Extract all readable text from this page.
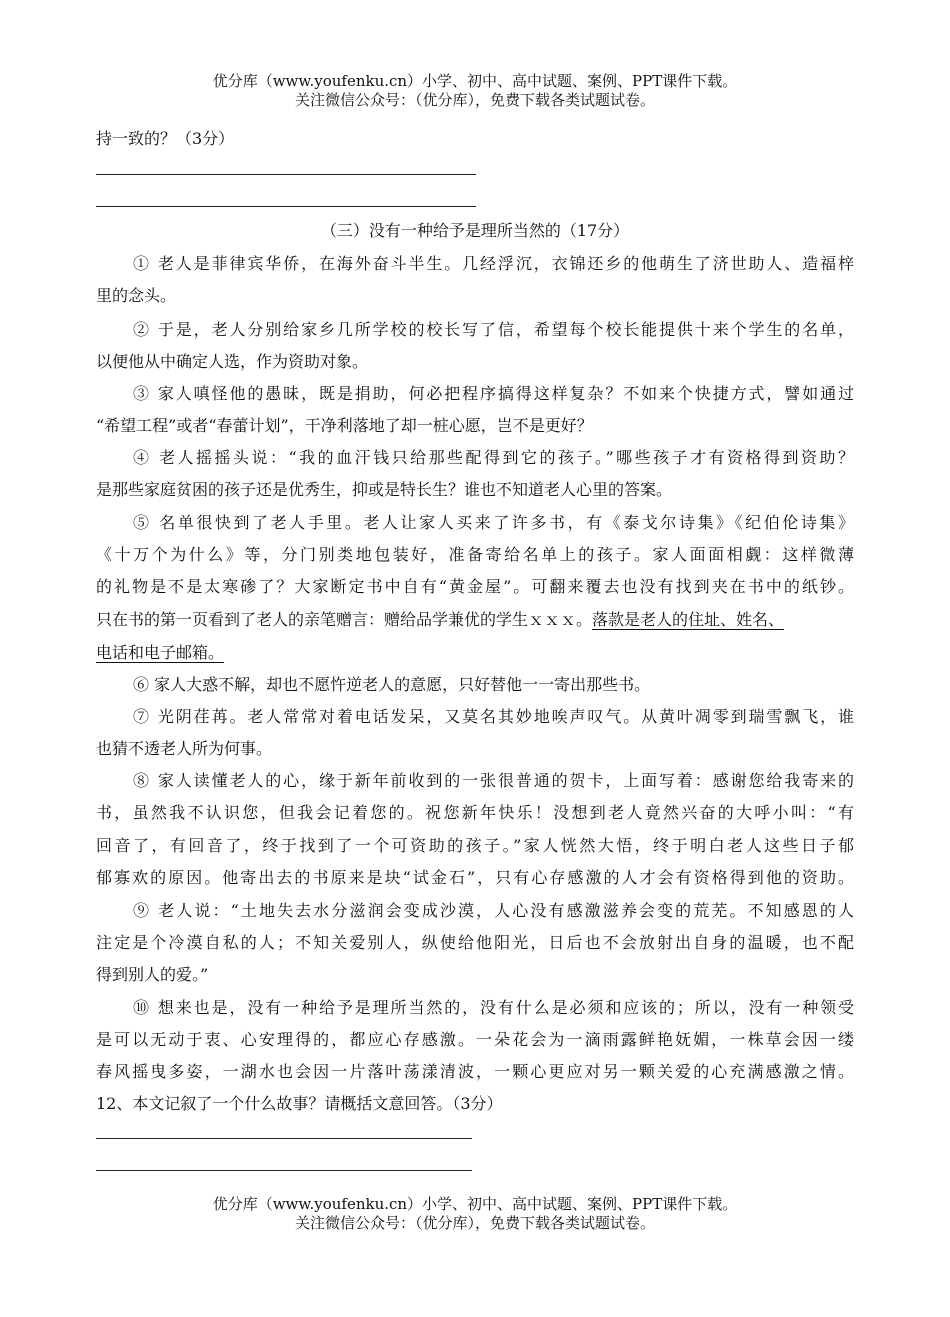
优分库（www.youfenku.cn）小学、初中、高中试题、案例、PPT课件下载。
关注微信公众号：（优分库），免费下载各类试题试卷。
持一致的？（3分）
（三）没有一种给予是理所当然的（17分）
① 老人是菲律宾华侨，在海外奋斗半生。几经浮沉，衣锦还乡的他萌生了济世助人、造福梓
里的念头。
② 于是，老人分别给家乡几所学校的校长写了信，希望每个校长能提供十来个学生的名单，
以便他从中确定人选，作为资助对象。
③ 家人嗔怪他的愚昧，既是捐助，何必把程序搞得这样复杂？不如来个快捷方式，譬如通过
“希望工程”或者“春蕾计划”，干净利落地了却一桩心愿，岂不是更好？
④ 老人摇摇头说：“我的血汗钱只给那些配得到它的孩子。”哪些孩子才有资格得到资助？
是那些家庭贫困的孩子还是优秀生，抑或是特长生？谁也不知道老人心里的答案。
⑤ 名单很快到了老人手里。老人让家人买来了许多书，有《泰戈尔诗集》《纪伯伦诗集》
《十万个为什么》等，分门别类地包装好，准备寄给名单上的孩子。家人面面相觑：这样微薄
的礼物是不是太寒碜了？大家断定书中自有“黄金屋”。可翻来覆去也没有找到夹在书中的纸钞。
只在书的第一页看到了老人的亲笔赠言：赠给品学兼优的学生ｘｘｘ。落款是老人的住址、姓名、
电话和电子邮箱。
⑥ 家人大惑不解，却也不愿忤逆老人的意愿，只好替他一一寄出那些书。
⑦ 光阴荏苒。老人常常对着电话发呆，又莫名其妙地唉声叹气。从黄叶凋零到瑞雪飘飞，谁
也猜不透老人所为何事。
⑧ 家人读懂老人的心，缘于新年前收到的一张很普通的贺卡，上面写着：感谢您给我寄来的
书，虽然我不认识您，但我会记着您的。祝您新年快乐！没想到老人竟然兴奋的大呼小叫：“有
回音了，有回音了，终于找到了一个可资助的孩子。”家人恍然大悟，终于明白老人这些日子郁
郁寡欢的原因。他寄出去的书原来是块“试金石”，只有心存感激的人才会有资格得到他的资助。
⑨ 老人说：“土地失去水分滋润会变成沙漠，人心没有感激滋养会变的荒芜。不知感恩的人
注定是个冷漠自私的人；不知关爱别人，纵使给他阳光，日后也不会放射出自身的温暖，也不配
得到别人的爱。”
⑩ 想来也是，没有一种给予是理所当然的，没有什么是必须和应该的；所以，没有一种领受
是可以无动于衷、心安理得的，都应心存感激。一朵花会为一滴雨露鲜艳妩媚，一株草会因一缕
春风摇曳多姿，一湖水也会因一片落叶荡漾清波，一颗心更应对另一颗关爱的心充满感激之情。
12、本文记叙了一个什么故事？请概括文意回答。（3分）
优分库（www.youfenku.cn）小学、初中、高中试题、案例、PPT课件下载。
关注微信公众号：（优分库），免费下载各类试题试卷。
